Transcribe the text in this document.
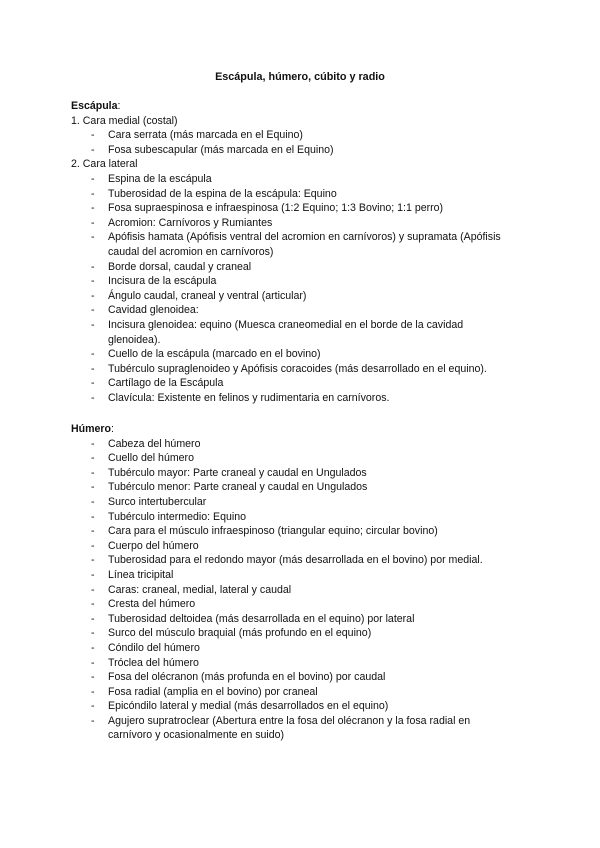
Escápula, húmero, cúbito y radio
Escápula:
1. Cara medial (costal)
- Cara serrata (más marcada en el Equino)
- Fosa subescapular (más marcada en el Equino)
2. Cara lateral
- Espina de la escápula
- Tuberosidad de la espina de la escápula: Equino
- Fosa supraespinosa e infraespinosa (1:2 Equino; 1:3 Bovino; 1:1 perro)
- Acromion: Carnívoros y Rumiantes
- Apófisis hamata (Apófisis ventral del acromion en carnívoros) y supramata (Apófisis caudal del acromion en carnívoros)
- Borde dorsal, caudal y craneal
- Incisura de la escápula
- Ángulo caudal, craneal y ventral (articular)
- Cavidad glenoidea:
- Incisura glenoidea: equino (Muesca craneomedial en el borde de la cavidad glenoidea).
- Cuello de la escápula (marcado en el bovino)
- Tubérculo supraglenoideo y Apófisis coracoides (más desarrollado en el equino).
- Cartílago de la Escápula
- Clavícula: Existente en felinos y rudimentaria en carnívoros.
Húmero:
- Cabeza del húmero
- Cuello del húmero
- Tubérculo mayor: Parte craneal y caudal en Ungulados
- Tubérculo menor: Parte craneal y caudal en Ungulados
- Surco intertubercular
- Tubérculo intermedio: Equino
- Cara para el músculo infraespinoso (triangular equino; circular bovino)
- Cuerpo del húmero
- Tuberosidad para el redondo mayor (más desarrollada en el bovino) por medial.
- Línea tricipital
- Caras: craneal, medial, lateral y caudal
- Cresta del húmero
- Tuberosidad deltoidea (más desarrollada en el equino) por lateral
- Surco del músculo braquial (más profundo en el equino)
- Cóndilo del húmero
- Tróclea del húmero
- Fosa del olécranon (más profunda en el bovino) por caudal
- Fosa radial (amplia en el bovino) por craneal
- Epicóndilo lateral y medial (más desarrollados en el equino)
- Agujero supratroclear (Abertura entre la fosa del olécranon y la fosa radial en carnívoro y ocasionalmente en suido)
